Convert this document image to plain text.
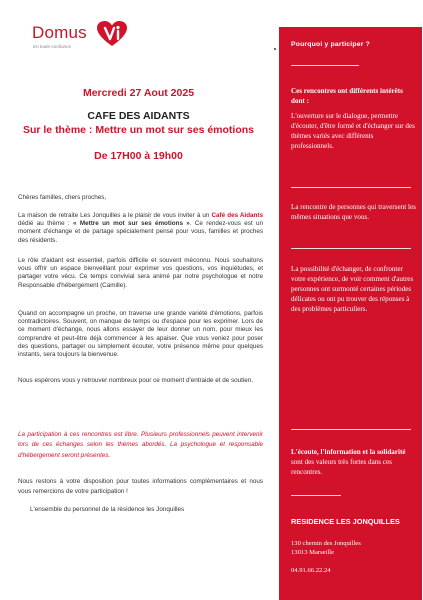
Domus
En toute confiance
Mercredi 27 Aout 2025
CAFE DES AIDANTS
Sur le thème : Mettre un mot sur ses émotions
De 17H00 à 19h00
Chères familles, chers proches,
La maison de retraite Les Jonquilles a le plaisir de vous inviter à un Café des Aidants dédié au thème : « Mettre un mot sur ses émotions ». Ce rendez-vous est un moment d'échange et de partage spécialement pensé pour vous, familles et proches des résidents.
Le rôle d'aidant est essentiel, parfois difficile et souvent méconnu. Nous souhaitons vous offrir un espace bienveillant pour exprimer vos questions, vos inquiétudes, et partager votre vécu. Ce temps convivial sera animé par notre psychologue et notre Responsable d'hébergement (Camille).
Quand on accompagne un proche, on traverse une grande variété d'émotions, parfois contradictoires. Souvent, on manque de temps ou d'espace pour les exprimer. Lors de ce moment d'échange, nous allons essayer de leur donner un nom, pour mieux les comprendre et peut-être déjà commencer à les apaiser. Que vous veniez pour poser des questions, partager ou simplement écouter, votre présence même pour quelques instants, sera toujours la bienvenue.
Nous espérons vous y retrouver nombreux pour ce moment d'entraide et de soutien.
La participation à ces rencontres est libre. Plusieurs professionnels peuvent intervenir lors de ces échanges selon les thèmes abordés. La psychologue et responsable d'hébergement seront présentes.
Nous restons à votre disposition pour toutes informations complémentaires et nous vous remercions de votre participation !
L'ensemble du personnel de la résidence les Jonquilles
Pourquoi y participer ?
Ces rencontres ont différents intérêts dont :
L'ouverture sur le dialogue, permettre d'écouter, d'être formé et d'échanger sur des thèmes variés avec différents professionnels.
La rencontre de personnes qui traversent les mêmes situations que vous.
La possibilité d'échanger, de confronter votre expérience, de voir comment d'autres personnes ont surmonté certaines périodes délicates ou ont pu trouver des réponses à des problèmes particuliers.
L'écoute, l'information et la solidarité sont des valeurs très fortes dans ces rencontres.
RESIDENCE LES JONQUILLES
130 chemin des Jonquilles
13013 Marseille
04.91.66.22.24
